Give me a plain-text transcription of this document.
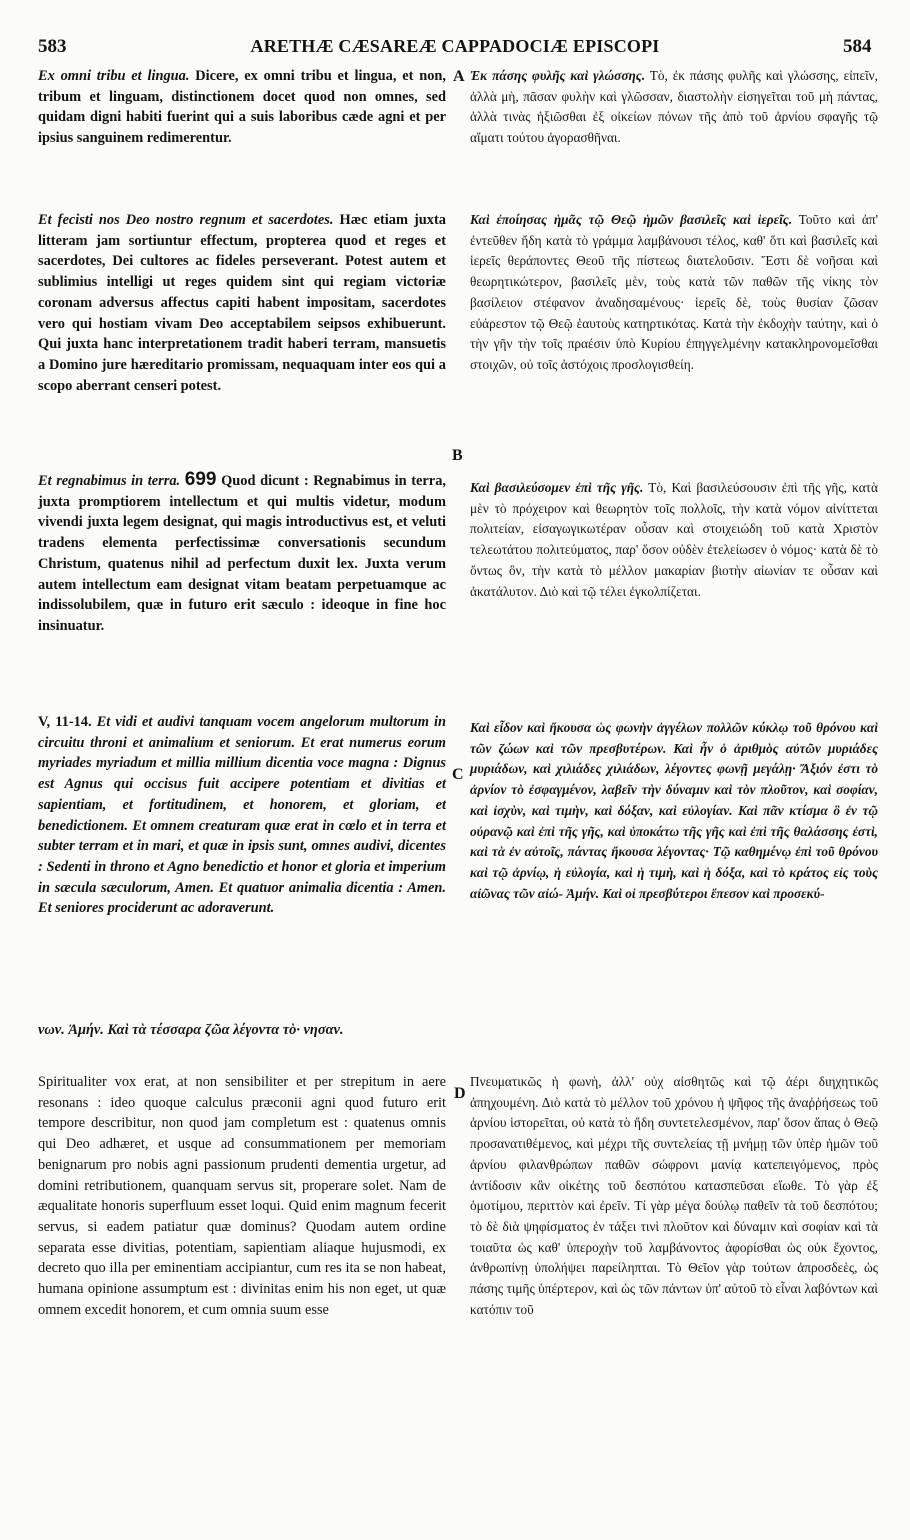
583	ARETHÆ CÆSAREÆ CAPPADOCIÆ EPISCOPI	584
A
B
C
D
Ex omni tribu et lingua. Dicere, ex omni tribu et lingua, et non, tribum et linguam, distinctionem docet quod non omnes, sed quidam digni habiti fuerint qui a suis laboribus cæde agni et per ipsius sanguinem redimerentur.
Et fecisti nos Deo nostro regnum et sacerdotes. Hæc etiam juxta litteram jam sortiuntur effectum, propterea quod et reges et sacerdotes, Dei cultores ac fideles perseverant. Potest autem et sublimius intelligi ut reges quidem sint qui regiam victoriæ coronam adversus affectus capiti habent impositam, sacerdotes vero qui hostiam vivam Deo acceptabilem seipsos exhibuerunt. Qui juxta hanc interpretationem tradit haberi terram, mansuetis a Domino jure hæreditario promissam, nequaquam inter eos qui a scopo aberrant censeri potest.
Et regnabimus in terra. 699 Quod dicunt : Regnabimus in terra, juxta promptiorem intellectum et qui multis videtur, modum vivendi juxta legem designat, qui magis introductivus est, et veluti tradens elementa perfectissimæ conversationis secundum Christum, quatenus nihil ad perfectum duxit lex. Juxta verum autem intellectum eam designat vitam beatam perpetuamque ac indissolubilem, quæ in futuro erit sæculo : ideoque in fine hoc insinuatur.
V, 11-14. Et vidi et audivi tanquam vocem angelorum multorum in circuitu throni et animalium et seniorum. Et erat numerus eorum myriades myriadum et millia millium dicentia voce magna : Dignus est Agnus qui occisus fuit accipere potentiam et divitias et sapientiam, et fortitudinem, et honorem, et gloriam, et benedictionem. Et omnem creaturam quæ erat in cœlo et in terra et subter terram et in mari, et quæ in ipsis sunt, omnes audivi, dicentes : Sedenti in throno et Agno benedictio et honor et gloria et imperium in sæcula sæculorum, Amen. Et quatuor animalia dicentia : Amen. Et seniores prociderunt ac adoraverunt.
νων. Ἀμήν. Καὶ τὰ τέσσαρα ζῶα λέγοντα τὸ· νησαν.
Spiritualiter vox erat, at non sensibiliter et per strepitum in aere resonans : ideo quoque calculus præconii agni quod futuro erit tempore describitur, non quod jam completum est : quatenus omnis qui Deo adhæret, et usque ad consummationem per memoriam benignarum pro nobis agni passionum prudenti dementia urgetur, ad domini retributionem, quanquam servus sit, properare solet. Nam de æqualitate honoris superfluum esset loqui. Quid enim magnum fecerit servus, si eadem patiatur quæ dominus? Quodam autem ordine separata esse divitias, potentiam, sapientiam aliaque hujusmodi, ex decreto quo illa per eminentiam accipiantur, cum res ita se non habeat, humana opinione assumptum est : divinitas enim his non eget, ut quæ omnem excedit honorem, et cum omnia suum esse
Ἐκ πάσης φυλῆς καὶ γλώσσης. Τὸ, ἐκ πάσης φυλῆς καὶ γλώσσης, εἰπεῖν, ἀλλὰ μὴ, πᾶσαν φυλὴν καὶ γλῶσσαν, διαστολὴν εἰσηγεῖται τοῦ μὴ πάντας, ἀλλὰ τινὰς ἠξιῶσθαι ἐξ οἰκείων πόνων τῆς ἀπὸ τοῦ ἀρνίου σφαγῆς τῷ αἵματι τούτου ἀγορασθῆναι.
Καὶ ἐποίησας ἡμᾶς τῷ Θεῷ ἡμῶν βασιλεῖς καὶ ἱερεῖς. Τοῦτο καὶ ἀπ' ἐντεῦθεν ἤδη κατὰ τὸ γράμμα λαμβάνουσι τέλος, καθ' ὅτι καὶ βασιλεῖς καὶ ἱερεῖς θεράποντες Θεοῦ τῆς πίστεως διατελοῦσιν. Ἔστι δὲ νοῆσαι καὶ θεωρητικώτερον, βασιλεῖς μὲν, τοὺς κατὰ τῶν παθῶν τῆς νίκης τὸν βασίλειον στέφανον ἀναδησαμένους· ἱερεῖς δὲ, τοὺς θυσίαν ζῶσαν εὐάρεστον τῷ Θεῷ ἑαυτοὺς κατηρτικότας. Κατὰ τὴν ἐκδοχὴν ταύτην, καὶ ὁ τὴν γῆν τὴν τοῖς πραέσιν ὑπὸ Κυρίου ἐπηγγελμένην κατακληρονομεῖσθαι στοιχῶν, οὐ τοῖς ἀστόχοις προσλογισθείη.
Καὶ βασιλεύσομεν ἐπὶ τῆς γῆς. Τὸ, Καὶ βασιλεύσουσιν ἐπὶ τῆς γῆς, κατὰ μὲν τὸ πρόχειρον καὶ θεωρητὸν τοῖς πολλοῖς, τὴν κατὰ νόμον αἰνίττεται πολιτείαν, εἰσαγωγικωτέραν οὖσαν καὶ στοιχειώδη τοῦ κατὰ Χριστὸν τελεωτάτου πολιτεύματος, παρ' ὅσον οὐδὲν ἐτελείωσεν ὁ νόμος· κατὰ δὲ τὸ ὄντως ὂν, τὴν κατὰ τὸ μέλλον μακαρίαν βιοτὴν αἰωνίαν τε οὖσαν καὶ ἀκατάλυτον. Διὸ καὶ τῷ τέλει ἐγκολπίζεται.
Καὶ εἶδον καὶ ἤκουσα ὡς φωνὴν ἀγγέλων πολλῶν κύκλῳ τοῦ θρόνου καὶ τῶν ζώων καὶ τῶν πρεσβυτέρων. Καὶ ἦν ὁ ἀριθμὸς αὐτῶν μυριάδες μυριάδων, καὶ χιλιάδες χιλιάδων, λέγοντες φωνῇ μεγάλῃ· Ἄξιόν ἐστι τὸ ἀρνίον τὸ ἐσφαγμένον, λαβεῖν τὴν δύναμιν καὶ τὸν πλοῦτον, καὶ σοφίαν, καὶ ἰσχὺν, καὶ τιμὴν, καὶ δόξαν, καὶ εὐλογίαν. Καὶ πᾶν κτίσμα ὃ ἐν τῷ οὐρανῷ καὶ ἐπὶ τῆς γῆς, καὶ ὑποκάτω τῆς γῆς καὶ ἐπὶ τῆς θαλάσσης ἐστὶ, καὶ τὰ ἐν αὐτοῖς, πάντας ἤκουσα λέγοντας· Τῷ καθημένῳ ἐπὶ τοῦ θρόνου καὶ τῷ ἀρνίῳ, ἡ εὐλογία, καὶ ἡ τιμὴ, καὶ ἡ δόξα, καὶ τὸ κράτος εἰς τοὺς αἰῶνας τῶν αἰώ- Ἀμήν. Καὶ οἱ πρεσβύτεροι ἔπεσον καὶ προσεκύ-
Πνευματικῶς ἡ φωνὴ, ἀλλ' οὐχ αἰσθητῶς καὶ τῷ ἀέρι διηχητικῶς ἀπηχουμένη. Διὸ κατὰ τὸ μέλλον τοῦ χρόνου ἡ ψῆφος τῆς ἀναῤῥήσεως τοῦ ἀρνίου ἱστορεῖται, οὐ κατὰ τὸ ἤδη συντετελεσμένον, παρ' ὅσον ἅπας ὁ Θεῷ προσανατιθέμενος, καὶ μέχρι τῆς συντελείας τῇ μνήμῃ τῶν ὑπὲρ ἡμῶν τοῦ ἀρνίου φιλανθρώπων παθῶν σώφρονι μανίᾳ κατεπειγόμενος, πρὸς ἀντίδοσιν κἂν οἰκέτης τοῦ δεσπότου κατασπεῦσαι εἴωθε. Τὸ γὰρ ἐξ ὁμοτίμου, περιττὸν καὶ ἐρεῖν. Τί γὰρ μέγα δούλῳ παθεῖν τὰ τοῦ δεσπότου; τὸ δὲ διὰ ψηφίσματος ἐν τάξει τινὶ πλοῦτον καὶ δύναμιν καὶ σοφίαν καὶ τὰ τοιαῦτα ὡς καθ' ὑπεροχὴν τοῦ λαμβάνοντος ἀφορίσθαι ὡς οὐκ ἔχοντος, ἀνθρωπίνῃ ὑπολήψει παρείληπται. Τὸ Θεῖον γὰρ τούτων ἀπροσδεὲς, ὡς πάσης τιμῆς ὑπέρτερον, καὶ ὡς τῶν πάντων ὑπ' αὐτοῦ τὸ εἶναι λαβόντων καὶ κατόπιν τοῦ
